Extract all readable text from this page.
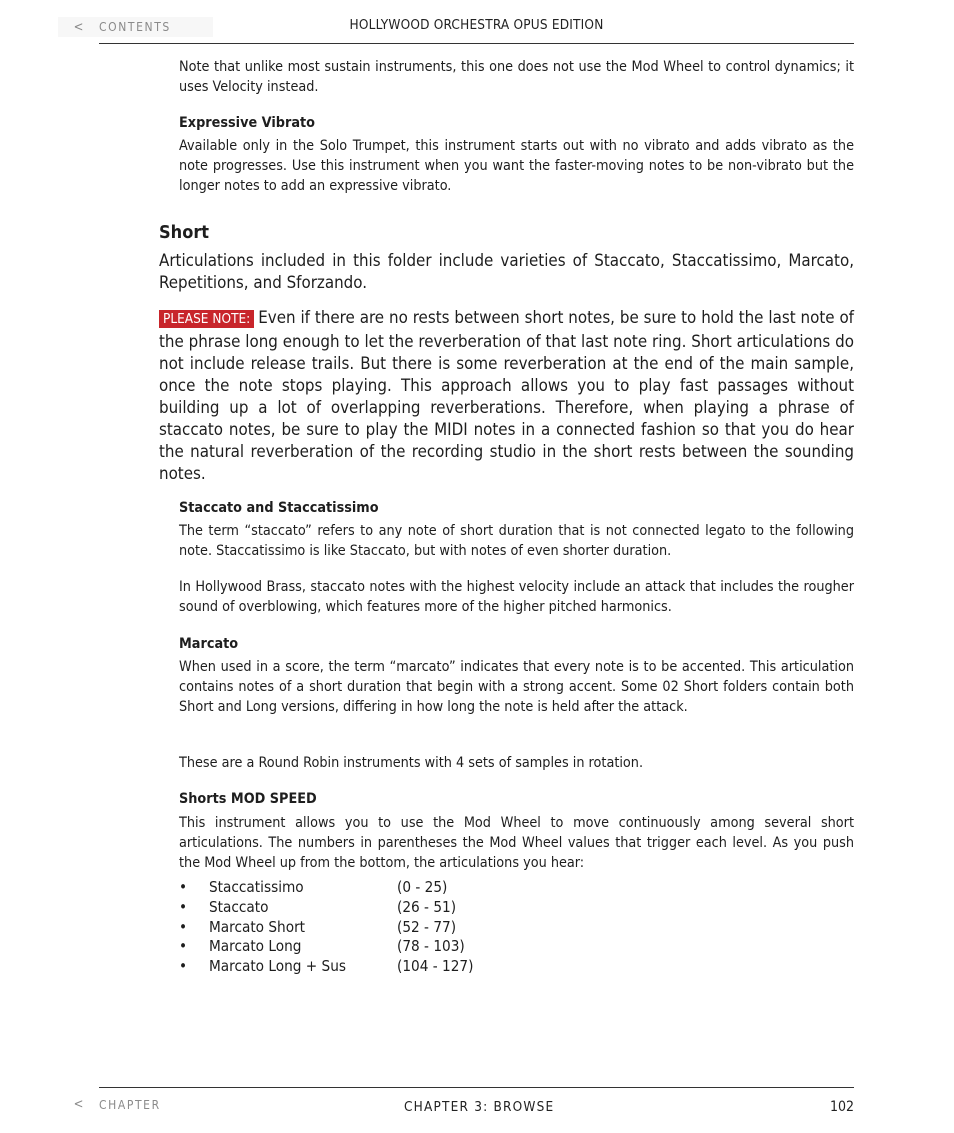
<	CONTENTS	HOLLYWOOD ORCHESTRA OPUS EDITION
Note that unlike most sustain instruments, this one does not use the Mod Wheel to control dynamics; it uses Velocity instead.
Expressive Vibrato
Available only in the Solo Trumpet, this instrument starts out with no vibrato and adds vibrato as the note progresses. Use this instrument when you want the faster-moving notes to be non-vibrato but the longer notes to add an expressive vibrato.
Short
Articulations included in this folder include varieties of Staccato, Staccatissimo, Marcato, Repetitions, and Sforzando.
PLEASE NOTE: Even if there are no rests between short notes, be sure to hold the last note of the phrase long enough to let the reverberation of that last note ring. Short articulations do not include release trails. But there is some reverberation at the end of the main sample, once the note stops playing. This approach allows you to play fast passages without building up a lot of overlapping reverberations. Therefore, when playing a phrase of staccato notes, be sure to play the MIDI notes in a connected fashion so that you do hear the natural reverberation of the recording studio in the short rests between the sounding notes.
Staccato and Staccatissimo
The term “staccato” refers to any note of short duration that is not connected legato to the following note. Staccatissimo is like Staccato, but with notes of even shorter duration.
In Hollywood Brass, staccato notes with the highest velocity include an attack that includes the rougher sound of overblowing, which features more of the higher pitched harmonics.
Marcato
When used in a score, the term “marcato” indicates that every note is to be accented. This articulation contains notes of a short duration that begin with a strong accent. Some 02 Short folders contain both Short and Long versions, differing in how long the note is held after the attack.
These are a Round Robin instruments with 4 sets of samples in rotation.
Shorts MOD SPEED
This instrument allows you to use the Mod Wheel to move continuously among several short articulations. The numbers in parentheses the Mod Wheel values that trigger each level. As you push the Mod Wheel up from the bottom, the articulations you hear:
•	Staccatissimo	(0 - 25)
•	Staccato	(26 - 51)
•	Marcato Short	(52 - 77)
•	Marcato Long	(78 - 103)
•	Marcato Long + Sus	(104 - 127)
<	CHAPTER	CHAPTER 3: BROWSE	102
